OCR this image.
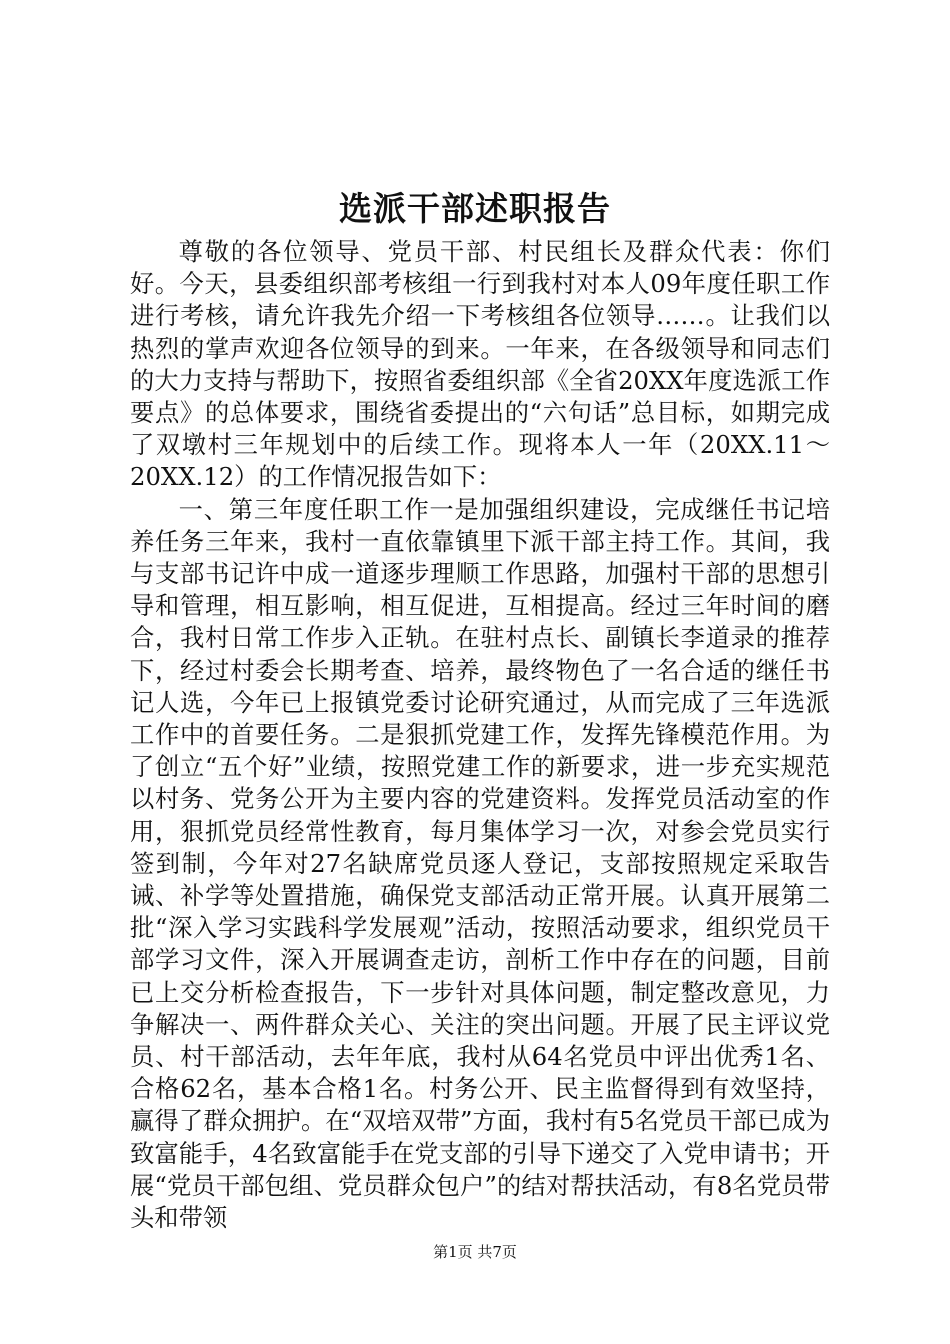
选派干部述职报告

尊敬的各位领导、党员干部、村民组长及群众代表：你们好。今天，县委组织部考核组一行到我村对本人09年度任职工作进行考核，请允许我先介绍一下考核组各位领导……。让我们以热烈的掌声欢迎各位领导的到来。一年来，在各级领导和同志们的大力支持与帮助下，按照省委组织部《全省20XX年度选派工作要点》的总体要求，围绕省委提出的“六句话”总目标，如期完成了双墩村三年规划中的后续工作。现将本人一年（20XX.11～20XX.12）的工作情况报告如下：

一、第三年度任职工作一是加强组织建设，完成继任书记培养任务三年来，我村一直依靠镇里下派干部主持工作。其间，我与支部书记许中成一道逐步理顺工作思路，加强村干部的思想引导和管理，相互影响，相互促进，互相提高。经过三年时间的磨合，我村日常工作步入正轨。在驻村点长、副镇长李道录的推荐下，经过村委会长期考查、培养，最终物色了一名合适的继任书记人选，今年已上报镇党委讨论研究通过，从而完成了三年选派工作中的首要任务。二是狠抓党建工作，发挥先锋模范作用。为了创立“五个好”业绩，按照党建工作的新要求，进一步充实规范以村务、党务公开为主要内容的党建资料。发挥党员活动室的作用，狠抓党员经常性教育，每月集体学习一次，对参会党员实行签到制，今年对27名缺席党员逐人登记，支部按照规定采取告诫、补学等处置措施，确保党支部活动正常开展。认真开展第二批“深入学习实践科学发展观”活动，按照活动要求，组织党员干部学习文件，深入开展调查走访，剖析工作中存在的问题，目前已上交分析检查报告，下一步针对具体问题，制定整改意见，力争解决一、两件群众关心、关注的突出问题。开展了民主评议党员、村干部活动，去年年底，我村从64名党员中评出优秀1名、合格62名，基本合格1名。村务公开、民主监督得到有效坚持，赢得了群众拥护。在“双培双带”方面，我村有5名党员干部已成为致富能手，4名致富能手在党支部的引导下递交了入党申请书；开展“党员干部包组、党员群众包户”的结对帮扶活动，有8名党员带头和带领

第1页 共7页
